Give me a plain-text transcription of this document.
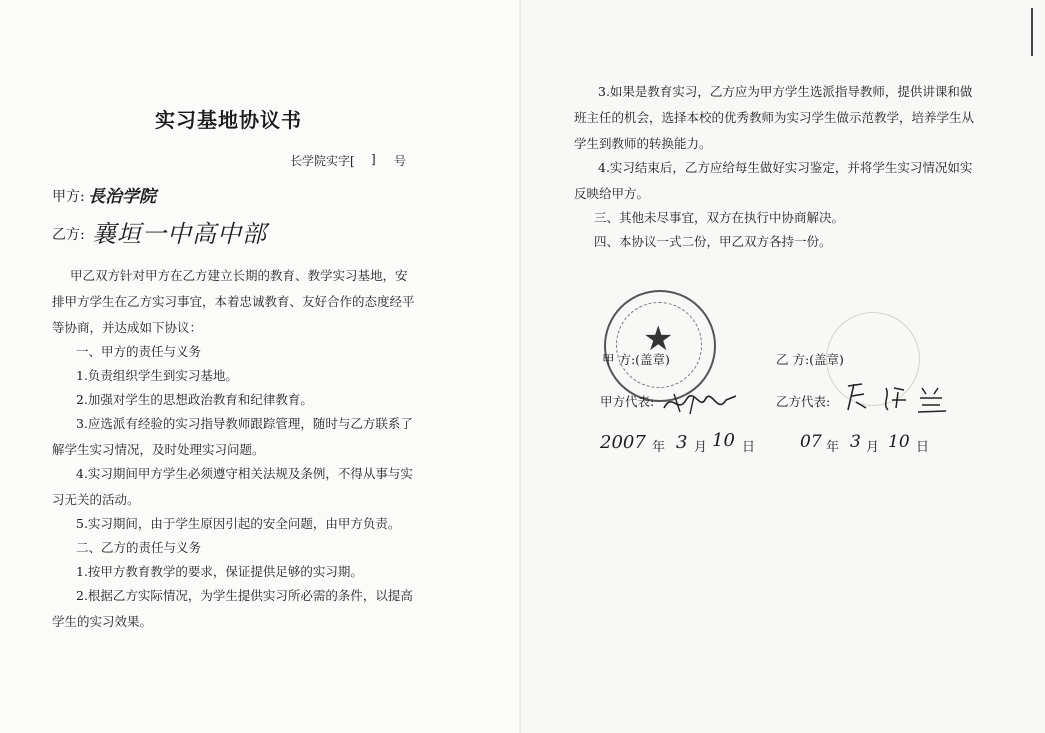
实习基地协议书
长学院实字[ ] 号
甲方: 長治学院
乙方: 襄垣一中高中部
甲乙双方针对甲方在乙方建立长期的教育、教学实习基地，安
排甲方学生在乙方实习事宜，本着忠诚教育、友好合作的态度经平
等协商，并达成如下协议：
一、甲方的责任与义务
1.负责组织学生到实习基地。
2.加强对学生的思想政治教育和纪律教育。
3.应选派有经验的实习指导教师跟踪管理，随时与乙方联系了
解学生实习情况，及时处理实习问题。
4.实习期间甲方学生必须遵守相关法规及条例，不得从事与实
习无关的活动。
5.实习期间，由于学生原因引起的安全问题，由甲方负责。
二、乙方的责任与义务
1.按甲方教育教学的要求，保证提供足够的实习期。
2.根据乙方实际情况，为学生提供实习所必需的条件，以提高
学生的实习效果。
3.如果是教育实习，乙方应为甲方学生选派指导教师，提供讲课和做
班主任的机会，选择本校的优秀教师为实习学生做示范教学，培养学生从
学生到教师的转换能力。
4.实习结束后，乙方应给每生做好实习鉴定，并将学生实习情况如实
反映给甲方。
三、其他未尽事宜，双方在执行中协商解决。
四、本协议一式二份，甲乙双方各持一份。
★
甲 方:(盖章)	乙 方:(盖章)
甲方代表:	乙方代表:
2007 年 3 月 10 日	07 年 3 月 10 日
